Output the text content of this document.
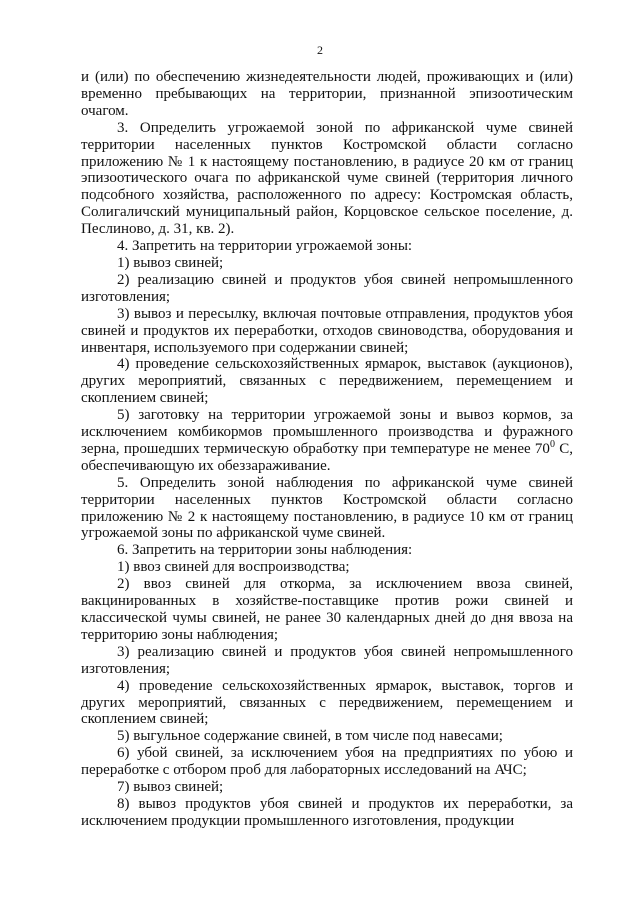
2

и (или) по обеспечению жизнедеятельности людей, проживающих и (или) временно пребывающих на территории, признанной эпизоотическим очагом.

3. Определить угрожаемой зоной по африканской чуме свиней территории населенных пунктов Костромской области согласно приложению № 1 к настоящему постановлению, в радиусе 20 км от границ эпизоотического очага по африканской чуме свиней (территория личного подсобного хозяйства, расположенного по адресу: Костромская область, Солигаличский муниципальный район, Корцовское сельское поселение, д. Песлиново, д. 31, кв. 2).

4. Запретить на территории угрожаемой зоны:

1) вывоз свиней;

2) реализацию свиней и продуктов убоя свиней непромышленного изготовления;

3) вывоз и пересылку, включая почтовые отправления, продуктов убоя свиней и продуктов их переработки, отходов свиноводства, оборудования и инвентаря, используемого при содержании свиней;

4) проведение сельскохозяйственных ярмарок, выставок (аукционов), других мероприятий, связанных с передвижением, перемещением и скоплением свиней;

5) заготовку на территории угрожаемой зоны и вывоз кормов, за исключением комбикормов промышленного производства и фуражного зерна, прошедших термическую обработку при температуре не менее $70^0$ С, обеспечивающую их обеззараживание.

5. Определить зоной наблюдения по африканской чуме свиней территории населенных пунктов Костромской области согласно приложению № 2 к настоящему постановлению, в радиусе 10 км от границ угрожаемой зоны по африканской чуме свиней.

6. Запретить на территории зоны наблюдения:

1) ввоз свиней для воспроизводства;

2) ввоз свиней для откорма, за исключением ввоза свиней, вакцинированных в хозяйстве-поставщике против рожи свиней и классической чумы свиней, не ранее 30 календарных дней до дня ввоза на территорию зоны наблюдения;

3) реализацию свиней и продуктов убоя свиней непромышленного изготовления;

4) проведение сельскохозяйственных ярмарок, выставок, торгов и других мероприятий, связанных с передвижением, перемещением и скоплением свиней;

5) выгульное содержание свиней, в том числе под навесами;

6) убой свиней, за исключением убоя на предприятиях по убою и переработке с отбором проб для лабораторных исследований на АЧС;

7) вывоз свиней;

8) вывоз продуктов убоя свиней и продуктов их переработки, за исключением продукции промышленного изготовления, продукции
